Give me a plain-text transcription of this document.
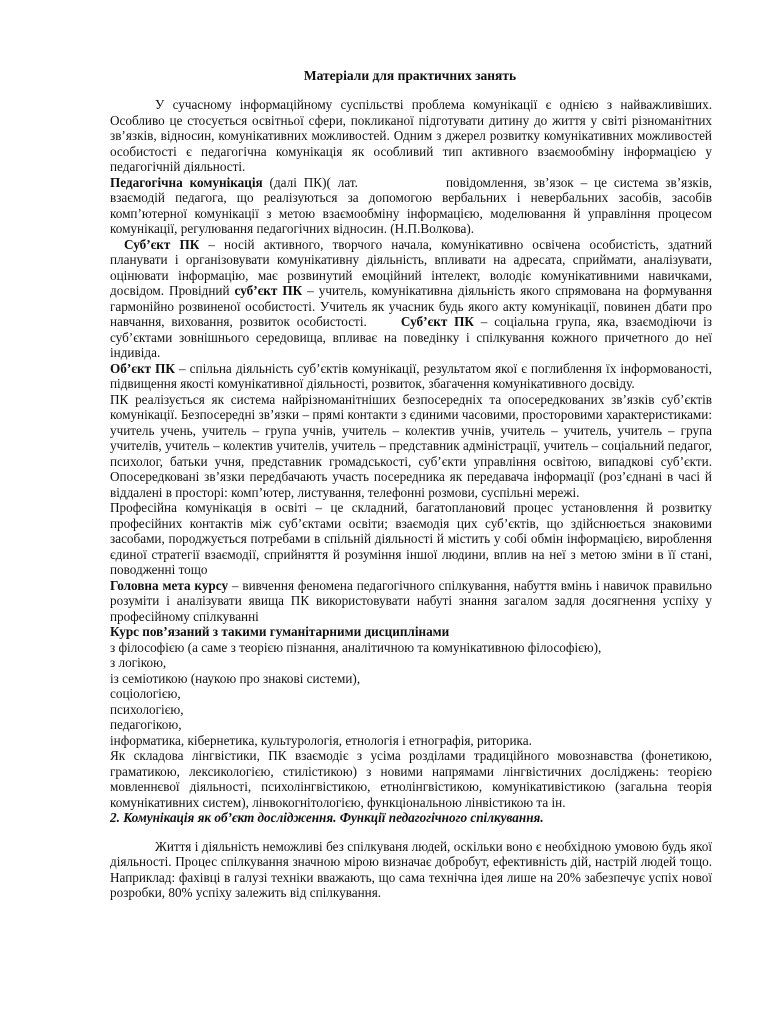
Матеріали для практичних занять

У сучасному інформаційному суспільстві проблема комунікації є однією з найважливіших. Особливо це стосується освітньої сфери, покликаної підготувати дитину до життя у світі різноманітних зв’язків, відносин, комунікативних можливостей. Одним з джерел розвитку комунікативних можливостей особистості є педагогічна комунікація як особливий тип активного взаємообміну інформацією у педагогічній діяльності.

Педагогічна комунікація (далі ПК)( лат.	повідомлення, зв’язок – це система зв’язків, взаємодій педагога, що реалізуються за допомогою вербальних і невербальних засобів, засобів комп’ютерної комунікації з метою взаємообміну інформацією, моделювання й управління процесом комунікації, регулювання педагогічних відносин. (Н.П.Волкова).

Суб’єкт ПК – носій активного, творчого начала, комунікативно освічена особистість, здатний планувати і організовувати комунікативну діяльність, впливати на адресата, сприймати, аналізувати, оцінювати інформацію, має розвинутий емоційний інтелект, володіє комунікативними навичками, досвідом. Провідний суб’єкт ПК – учитель, комунікативна діяльність якого спрямована на формування гармонійно розвиненої особистості. Учитель як учасник будь якого акту комунікації, повинен дбати про навчання, виховання, розвиток особистості.	Суб’єкт ПК – соціальна група, яка, взаємодіючи із суб’єктами зовнішнього середовища, впливає на поведінку і спілкування кожного причетного до неї індивіда.

Об’єкт ПК – спільна діяльність суб’єктів комунікації, результатом якої є поглиблення їх інформованості, підвищення якості комунікативної діяльності, розвиток, збагачення комунікативного досвіду.

ПК реалізується як система найрізноманітніших безпосередніх та опосередкованих зв’язків суб’єктів комунікації. Безпосередні зв’язки – прямі контакти з єдиними часовими, просторовими характеристиками: учитель учень, учитель – група учнів, учитель – колектив учнів, учитель – учитель, учитель – група учителів, учитель – колектив учителів, учитель – представник адміністрації, учитель – соціальний педагог, психолог, батьки учня, представник громадськості, суб’єкти управління освітою, випадкові суб’єкти. Опосередковані зв’язки передбачають участь посередника як передавача інформації (роз’єднані в часі й віддалені в просторі: комп’ютер, листування, телефонні розмови, суспільні мережі.

Професійна комунікація в освіті – це складний, багатоплановий процес установлення й розвитку професійних контактів між суб’єктами освіти; взаємодія цих суб’єктів, що здійснюється знаковими засобами, породжується потребами в спільній діяльності й містить у собі обмін інформацією, вироблення єдиної стратегії взаємодії, сприйняття й розуміння іншої людини, вплив на неї з метою зміни в її стані, поводженні тощо

Головна мета курсу – вивчення феномена педагогічного спілкування, набуття вмінь і навичок правильно розуміти і аналізувати явища ПК використовувати набуті знання загалом задля досягнення успіху у професійному спілкуванні

Курс пов’язаний з такими гуманітарними дисциплінами

з філософією (а саме з теорією пізнання, аналітичною та комунікативною філософією),

з логікою,

із семіотикою (наукою про знакові системи),

соціологією,

психологією,

педагогікою,

інформатика, кібернетика, культурологія, етнологія і етнографія, риторика.

Як складова лінгвістики, ПК взаємодіє з усіма розділами традиційного мовознавства (фонетикою, граматикою, лексикологією, стилістикою) з новими напрямами лінгвістичних досліджень: теорією мовленнєвої діяльності, психолінгвістикою, етнолінгвістикою, комунікативістикою (загальна теорія комунікативних систем), лінвокогнітологією, функціональною лінвістикою та ін.

2. Комунікація як об’єкт дослідження. Функції педагогічного спілкування.

Життя і діяльність неможливі без спілкуваня людей, оскільки воно є необхідною умовою будь якої діяльності. Процес спілкування значною мірою визначає добробут, ефективність дій, настрій людей тощо. Наприклад: фахівці в галузі техніки вважають, що сама технічна ідея лише на 20% забезпечує успіх нової розробки, 80% успіху залежить від спілкування.
